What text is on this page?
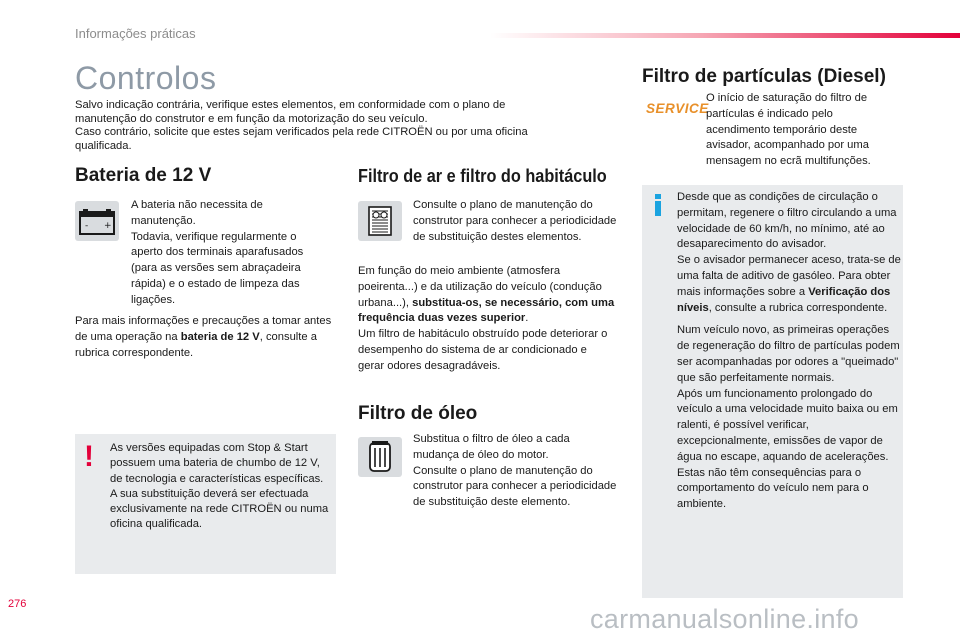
Informações práticas
Controlos
Salvo indicação contrária, verifique estes elementos, em conformidade com o plano de
manutenção do construtor e em função da motorização do seu veículo.
Caso contrário, solicite que estes sejam verificados pela rede CITROËN ou por uma oficina
qualificada.
Bateria de 12 V
- +
A bateria não necessita de manutenção.
Todavia, verifique regularmente o aperto dos terminais aparafusados (para as versões sem abraçadeira rápida) e o estado de limpeza das ligações.
Para mais informações e precauções a tomar antes de uma operação na bateria de 12 V, consulte a rubrica correspondente.
! As versões equipadas com Stop & Start possuem uma bateria de chumbo de 12 V, de tecnologia e características específicas.
A sua substituição deverá ser efectuada exclusivamente na rede CITROËN ou numa oficina qualificada.
Filtro de ar e filtro do habitáculo
Consulte o plano de manutenção do construtor para conhecer a periodicidade de substituição destes elementos.
Em função do meio ambiente (atmosfera poeirenta...) e da utilização do veículo (condução urbana...), substitua-os, se necessário, com uma frequência duas vezes superior.
Um filtro de habitáculo obstruído pode deteriorar o desempenho do sistema de ar condicionado e gerar odores desagradáveis.
Filtro de óleo
Substitua o filtro de óleo a cada mudança de óleo do motor.
Consulte o plano de manutenção do construtor para conhecer a periodicidade de substituição deste elemento.
Filtro de partículas (Diesel)
SERVICE
O início de saturação do filtro de partículas é indicado pelo acendimento temporário deste avisador, acompanhado por uma mensagem no ecrã multifunções.
Desde que as condições de circulação o permitam, regenere o filtro circulando a uma velocidade de 60 km/h, no mínimo, até ao desaparecimento do avisador.
Se o avisador permanecer aceso, trata-se de uma falta de aditivo de gasóleo. Para obter mais informações sobre a Verificação dos níveis, consulte a rubrica correspondente.
Num veículo novo, as primeiras operações de regeneração do filtro de partículas podem ser acompanhadas por odores a "queimado" que são perfeitamente normais.
Após um funcionamento prolongado do veículo a uma velocidade muito baixa ou em ralenti, é possível verificar, excepcionalmente, emissões de vapor de água no escape, aquando de acelerações. Estas não têm consequências para o comportamento do veículo nem para o ambiente.
276	carmanualsonline.info
